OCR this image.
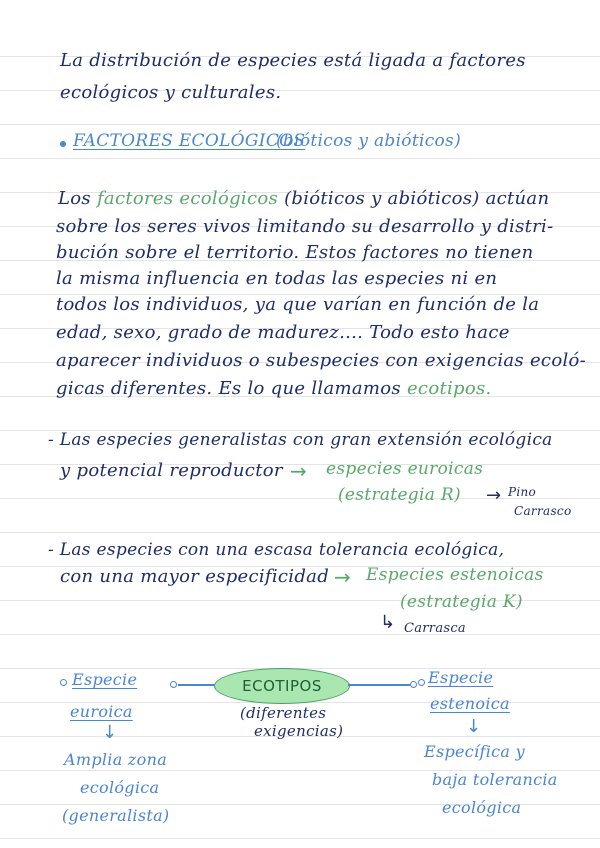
La distribución de especies está ligada a factores
ecológicos y culturales.
FACTORES ECOLÓGICOS
(bióticos y abióticos)
Los factores ecológicos (bióticos y abióticos) actúan
sobre los seres vivos limitando su desarrollo y distri-
bución sobre el territorio. Estos factores no tienen
la misma influencia en todas las especies ni en
todos los individuos, ya que varían en función de la
edad, sexo, grado de madurez.... Todo esto hace
aparecer individuos o subespecies con exigencias ecoló-
gicas diferentes. Es lo que llamamos ecotipos.
- Las especies generalistas con gran extensión ecológica
y potencial reproductor → especies euroicas
(estrategia R) → Pino
Carrasco
- Las especies con una escasa tolerancia ecológica,
con una mayor especificidad → Especies estenoicas
(estrategia K)
↳ Carrasca
Especie
euroica
ECOTIPOS
(diferentes
exigencias)
Especie
estenoica
↓
Amplia zona
ecológica
(generalista)
↓
Específica y
baja tolerancia
ecológica
